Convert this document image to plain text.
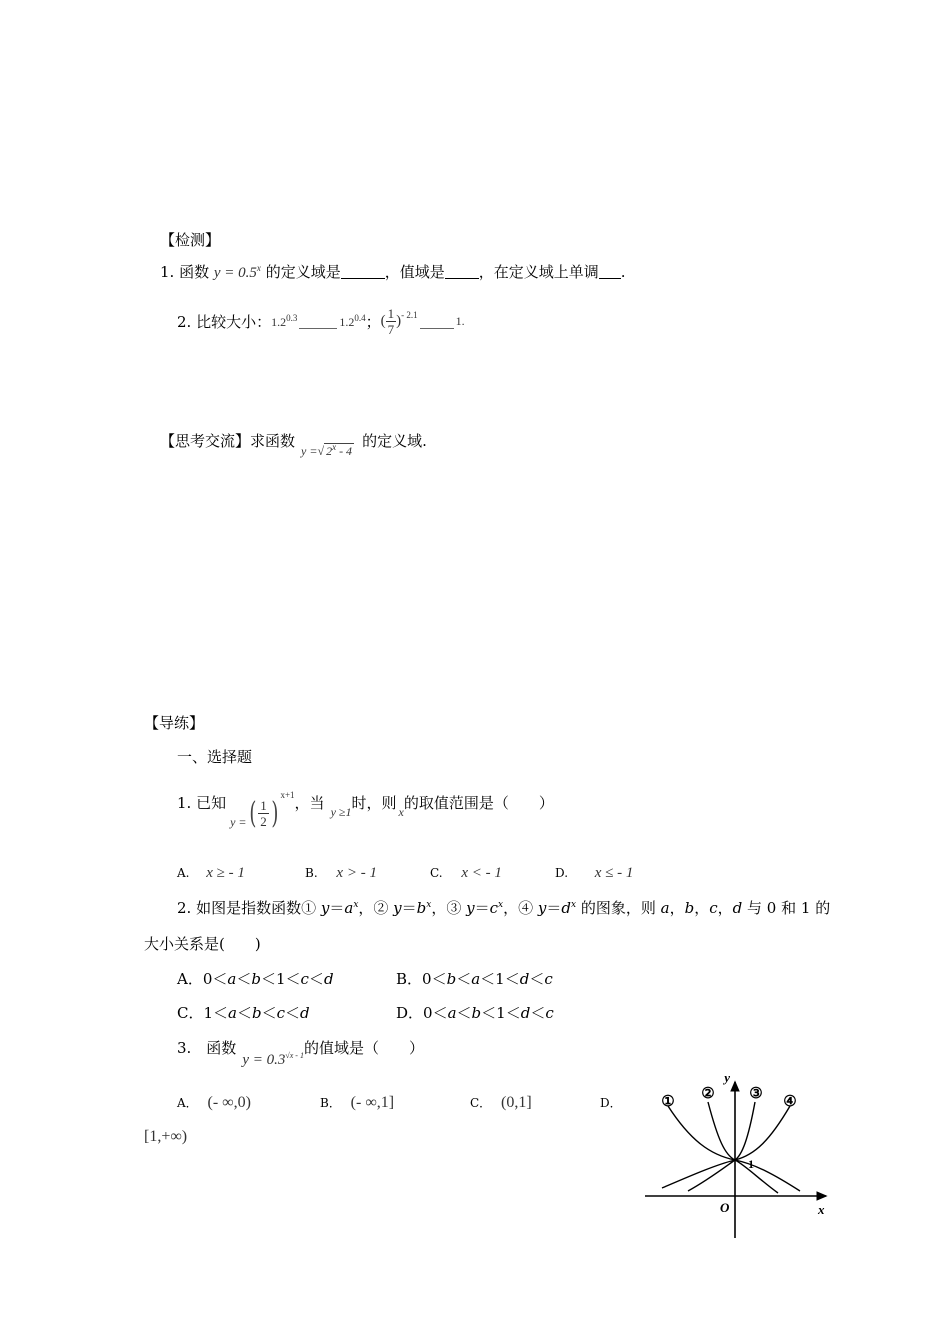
【检测】
1. 函数 $y = 0.5^x$ 的定义域是	，值域是 ，在定义域上单调 .
2. 比较大小： $1.2^{0.3}$	$1.2^{0.4}$ ； ( $\frac{1}{7} )^{- 2.1}$	1.
【思考交流】 求函数
y =√ 2$^x$ - 4
的定义域.
【导练】
一、选择题
1. 已知
y = ( $\frac{1}{2}$ )
x+1 ，当 y ≥1 时，则 x 的取值范围是（　　）
A. x ≥ - 1	B. x > - 1	C. x < - 1	D. x ≤ - 1
2. 如图是指数函数① $y=a^x$，② $y=b^x$，③ $y=c^x$，④ $y=d^x$ 的图象，则 a，b，c，d 与 0 和 1 的
大小关系是(　　)
A．0＜a＜b＜1＜c＜d	B．0＜b＜a＜1＜d＜c
C．1＜a＜b＜c＜d	D．0＜a＜b＜1＜d＜c
3.　函数
$y = 0.3^{√x - 1}$ 的值域是（　　）
A． (- ∞,0)	B． (- ∞,1]	C． (0,1]	D．
[1,+∞)
y
x
O
1
① ② ③ ④
